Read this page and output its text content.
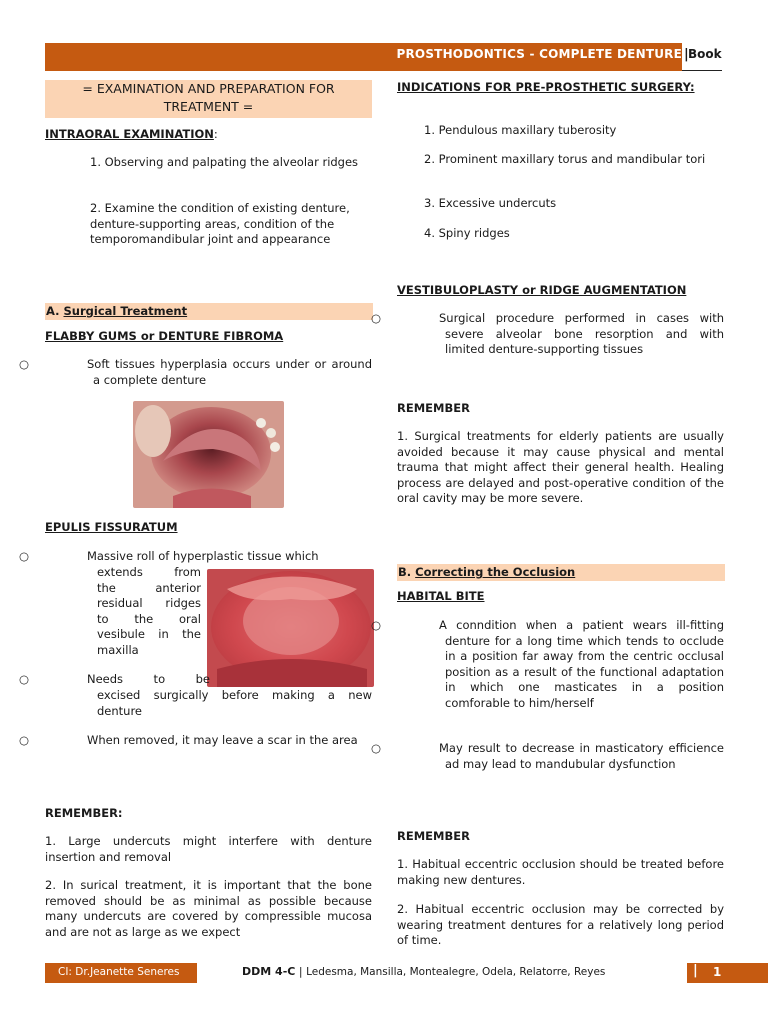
PROSTHODONTICS - COMPLETE DENTURE | Book
= EXAMINATION AND PREPARATION FOR TREATMENT =
INTRAORAL EXAMINATION:

1. Observing and palpating the alveolar ridges

2. Examine the condition of existing denture, denture-supporting areas, condition of the temporomandibular joint and appearance

A. Surgical Treatment
FLABBY GUMS or DENTURE FIBROMA
○	Soft tissues hyperplasia occurs under or around a complete denture
EPULIS FISSURATUM
○	Massive roll of hyperplastic tissue which
extends from
the anterior
residual ridges
to the oral
vesibule in the
maxilla
○	Needs to be

excised surgically before making a new denture

○	When removed, it may leave a scar in the area
REMEMBER:

1. Large undercuts might interfere with denture insertion and removal

2. In surical treatment, it is important that the bone removed should be as minimal as possible because many undercuts are covered by compressible mucosa and are not as large as we expect

INDICATIONS FOR PRE-PROSTHETIC SURGERY:

1. Pendulous maxillary tuberosity

2. Prominent maxillary torus and mandibular tori

3. Excessive undercuts

4. Spiny ridges

VESTIBULOPLASTY or RIDGE AUGMENTATION
○	Surgical procedure performed in cases with severe alveolar bone resorption and with limited denture-supporting tissues
REMEMBER

1. Surgical treatments for elderly patients are usually avoided because it may cause physical and mental trauma that might affect their general health. Healing process are delayed and post-operative condition of the oral cavity may be more severe.

B. Correcting the Occlusion
HABITAL BITE
○	A conndition when a patient wears ill-fitting denture for a long time which tends to occlude in a position far away from the centric occlusal position as a result of the functional adaptation in which one masticates in a position comforable to him/herself
○	May result to decrease in masticatory efficience ad may lead to mandubular dysfunction
REMEMBER

1. Habitual eccentric occlusion should be treated before making new dentures.

2. Habitual eccentric occlusion may be corrected by wearing treatment dentures for a relatively long period of time.

CI: Dr.Jeanette Seneres	DDM 4-C | Ledesma, Mansilla, Montealegre, Odela, Relatorre, Reyes	| 1
